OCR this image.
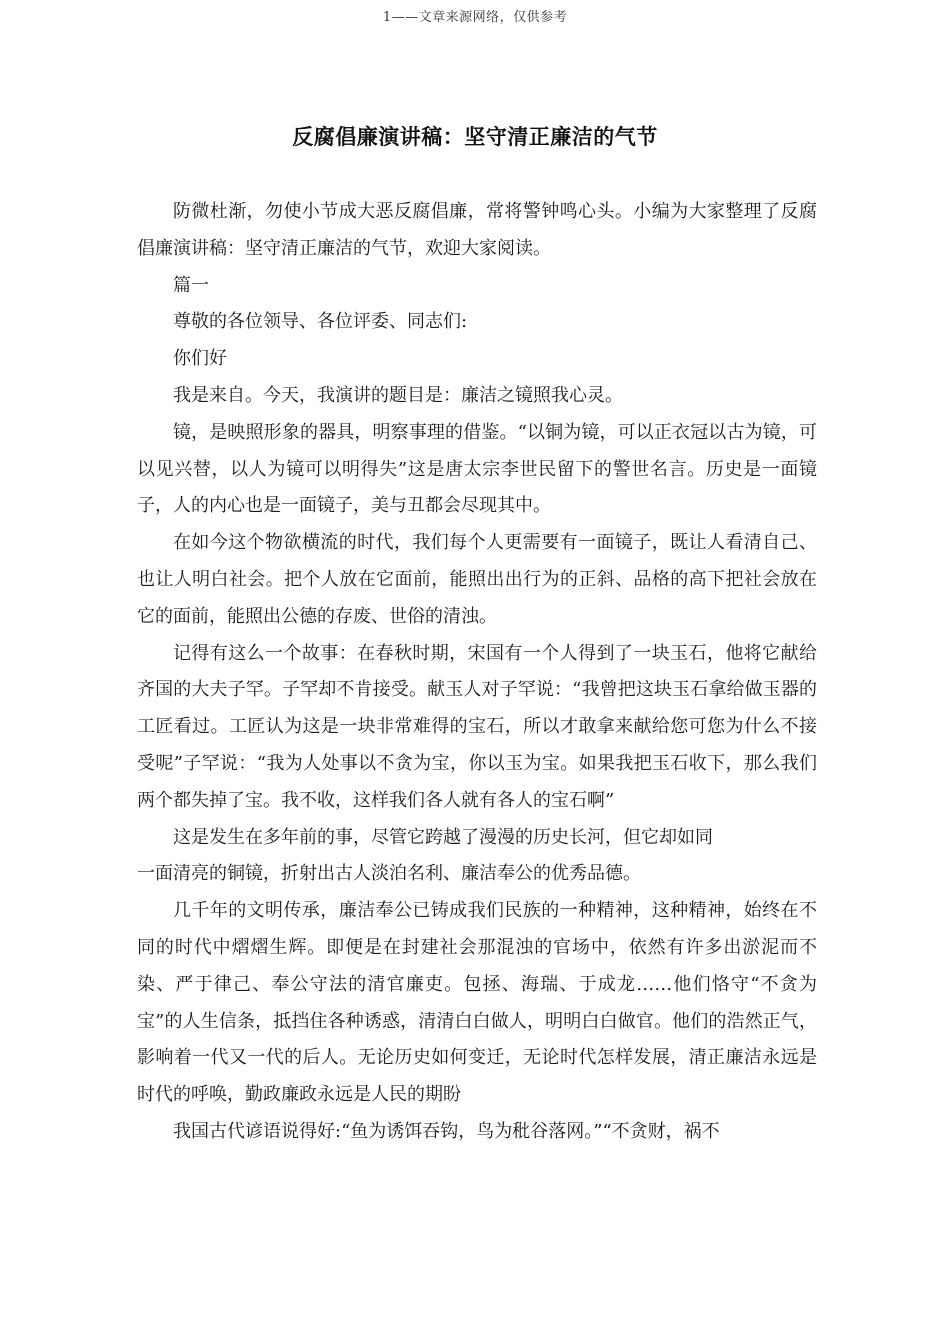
1——文章来源网络，仅供参考
反腐倡廉演讲稿：坚守清正廉洁的气节

防微杜渐，勿使小节成大恶反腐倡廉，常将警钟鸣心头。小编为大家整理了反腐倡廉演讲稿：坚守清正廉洁的气节，欢迎大家阅读。

篇一

尊敬的各位领导、各位评委、同志们:

你们好

我是来自。今天，我演讲的题目是：廉洁之镜照我心灵。

镜，是映照形象的器具，明察事理的借鉴。“以铜为镜，可以正衣冠以古为镜，可以见兴替，以人为镜可以明得失”这是唐太宗李世民留下的警世名言。历史是一面镜子，人的内心也是一面镜子，美与丑都会尽现其中。

在如今这个物欲横流的时代，我们每个人更需要有一面镜子，既让人看清自己、也让人明白社会。把个人放在它面前，能照出出行为的正斜、品格的高下把社会放在它的面前，能照出公德的存废、世俗的清浊。

记得有这么一个故事：在春秋时期，宋国有一个人得到了一块玉石，他将它献给齐国的大夫子罕。子罕却不肯接受。献玉人对子罕说：“我曾把这块玉石拿给做玉器的工匠看过。工匠认为这是一块非常难得的宝石，所以才敢拿来献给您可您为什么不接受呢”子罕说：“我为人处事以不贪为宝，你以玉为宝。如果我把玉石收下，那么我们两个都失掉了宝。我不收，这样我们各人就有各人的宝石啊”

这是发生在多年前的事，尽管它跨越了漫漫的历史长河，但它却如同

一面清亮的铜镜，折射出古人淡泊名利、廉洁奉公的优秀品德。

几千年的文明传承，廉洁奉公已铸成我们民族的一种精神，这种精神，始终在不同的时代中熠熠生辉。即便是在封建社会那混浊的官场中，依然有许多出淤泥而不染、严于律己、奉公守法的清官廉吏。包拯、海瑞、于成龙……他们恪守“不贪为宝”的人生信条，抵挡住各种诱惑，清清白白做人，明明白白做官。他们的浩然正气，影响着一代又一代的后人。无论历史如何变迁，无论时代怎样发展，清正廉洁永远是时代的呼唤，勤政廉政永远是人民的期盼

我国古代谚语说得好:“鱼为诱饵吞钩，鸟为秕谷落网。”“不贪财，祸不
